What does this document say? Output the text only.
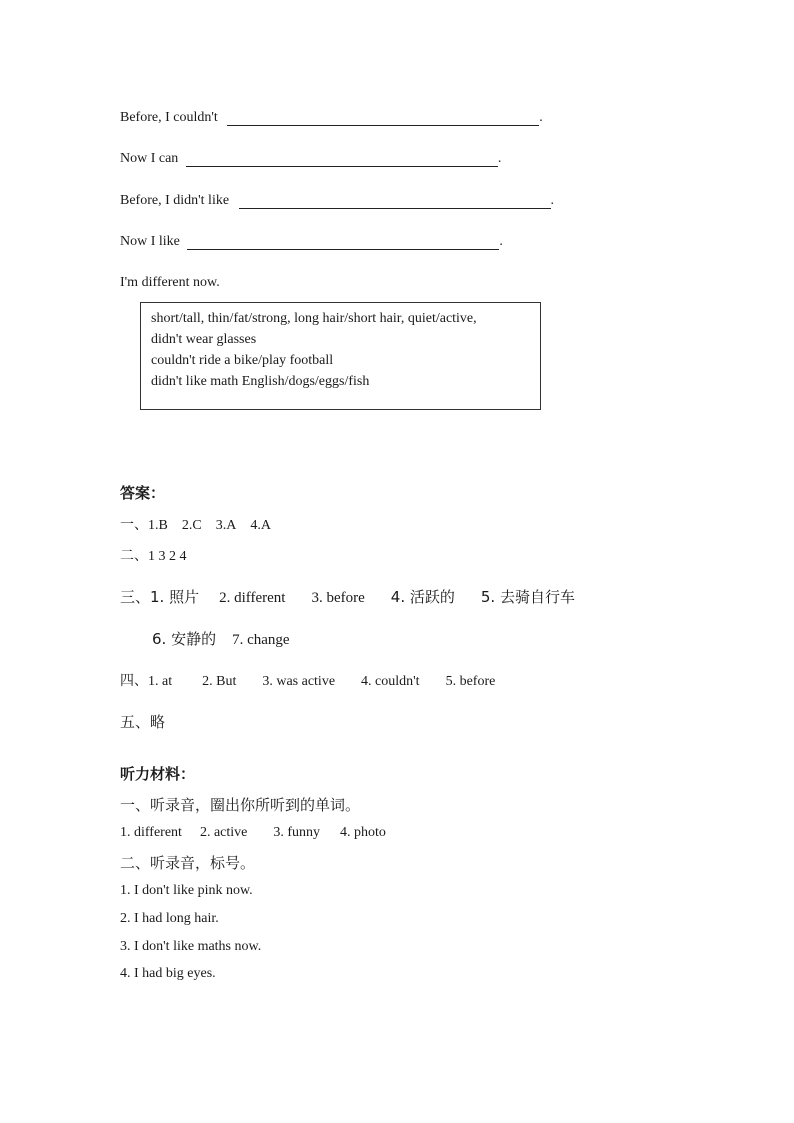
Before, I couldn't	.
Now I can	.
Before, I didn't like	.
Now I like	.
I'm different now.
short/tall, thin/fat/strong, long hair/short hair, quiet/active,
didn't wear glasses
couldn't ride a bike/play football
didn't like math English/dogs/eggs/fish
答案：
一、1.B 2.C 3.A 4.A
二、1 3 2 4
三、1. 照片 2. different 3. before 4. 活跃的 5. 去骑自行车
6. 安静的 7. change
四、1. at 2. But 3. was active 4. couldn't 5. before
五、略
听力材料：
一、听录音，圈出你所听到的单词。
1. different 2. active 3. funny 4. photo
二、听录音，标号。
1. I don't like pink now.
2. I had long hair.
3. I don't like maths now.
4. I had big eyes.
